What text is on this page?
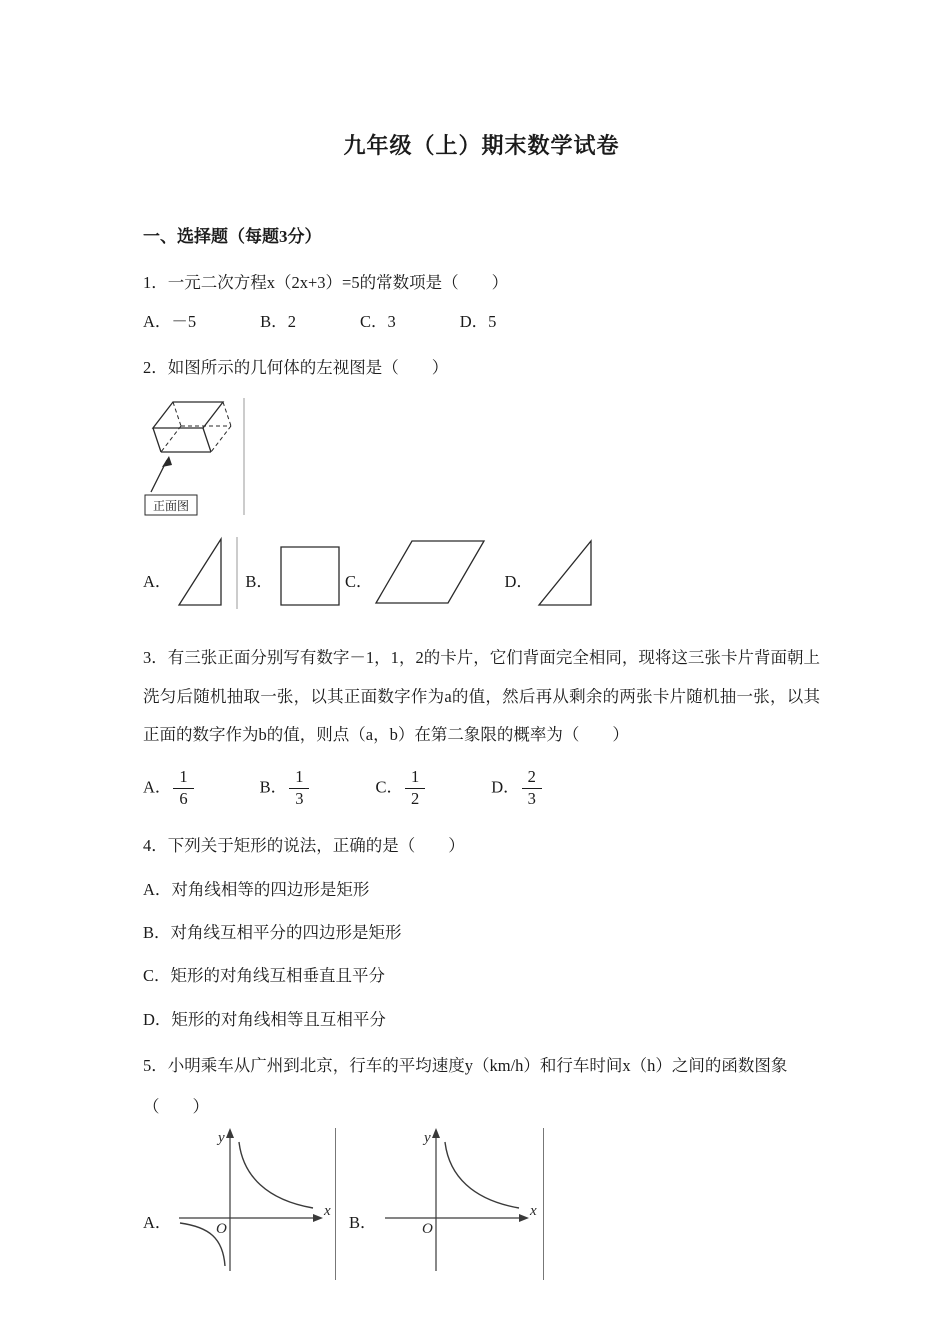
九年级（上）期末数学试卷
一、选择题（每题3分）
1．一元二次方程x（2x+3）=5的常数项是（　　）
A．－5	B．2	C．3	D．5
2．如图所示的几何体的左视图是（　　）
正面图
A．	B．	C．	D．
3．有三张正面分别写有数字－1，1，2的卡片，它们背面完全相同，现将这三张卡片背面朝上洗匀后随机抽取一张，以其正面数字作为a的值，然后再从剩余的两张卡片随机抽一张，以其正面的数字作为b的值，则点（a，b）在第二象限的概率为（　　）
A． $\frac{1}{6}$	B． $\frac{1}{3}$	C． $\frac{1}{2}$	D． $\frac{2}{3}$
4．下列关于矩形的说法，正确的是（　　）
A．对角线相等的四边形是矩形
B．对角线互相平分的四边形是矩形
C．矩形的对角线互相垂直且平分
D．矩形的对角线相等且互相平分
5．小明乘车从广州到北京，行车的平均速度y（km/h）和行车时间x（h）之间的函数图象
（　　）
A．
y
x
O	B．
y
x
O
